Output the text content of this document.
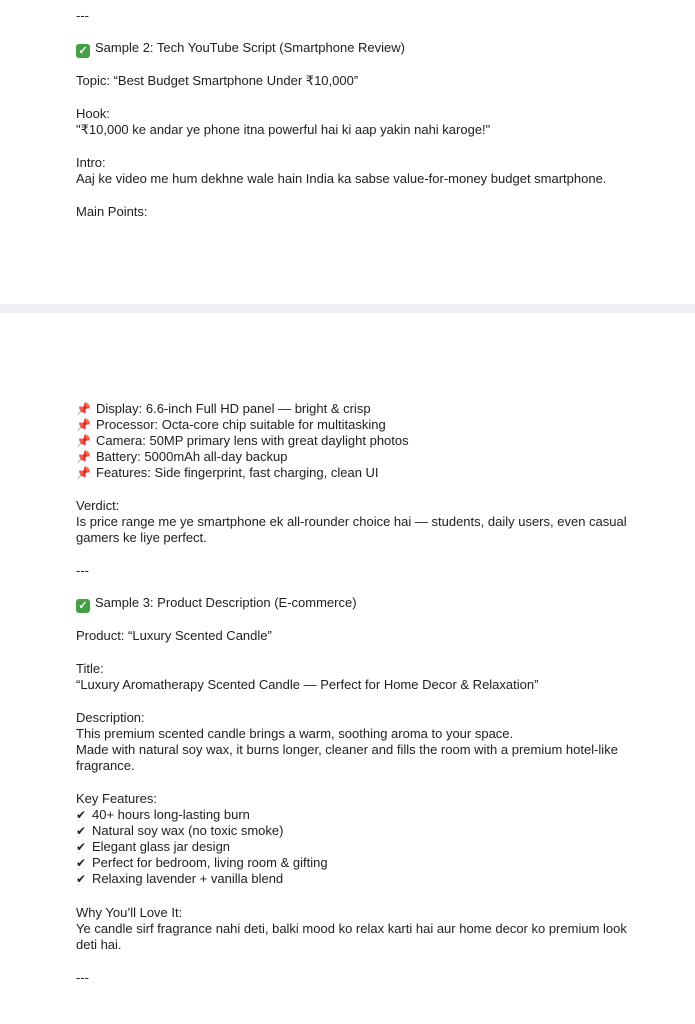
---
✓ Sample 2: Tech YouTube Script (Smartphone Review)
Topic: “Best Budget Smartphone Under ₹10,000”
Hook:
"₹10,000 ke andar ye phone itna powerful hai ki aap yakin nahi karoge!"
Intro:
Aaj ke video me hum dekhne wale hain India ka sabse value-for-money budget smartphone.
Main Points:
📌 Display: 6.6-inch Full HD panel — bright & crisp
📌 Processor: Octa-core chip suitable for multitasking
📌 Camera: 50MP primary lens with great daylight photos
📌 Battery: 5000mAh all-day backup
📌 Features: Side fingerprint, fast charging, clean UI
Verdict:
Is price range me ye smartphone ek all-rounder choice hai — students, daily users, even casual
gamers ke liye perfect.
---
✓ Sample 3: Product Description (E-commerce)
Product: “Luxury Scented Candle”
Title:
“Luxury Aromatherapy Scented Candle — Perfect for Home Decor & Relaxation”
Description:
This premium scented candle brings a warm, soothing aroma to your space.
Made with natural soy wax, it burns longer, cleaner and fills the room with a premium hotel-like
fragrance.
Key Features:
✔ 40+ hours long-lasting burn
✔ Natural soy wax (no toxic smoke)
✔ Elegant glass jar design
✔ Perfect for bedroom, living room & gifting
✔ Relaxing lavender + vanilla blend
Why You’ll Love It:
Ye candle sirf fragrance nahi deti, balki mood ko relax karti hai aur home decor ko premium look
deti hai.
---
